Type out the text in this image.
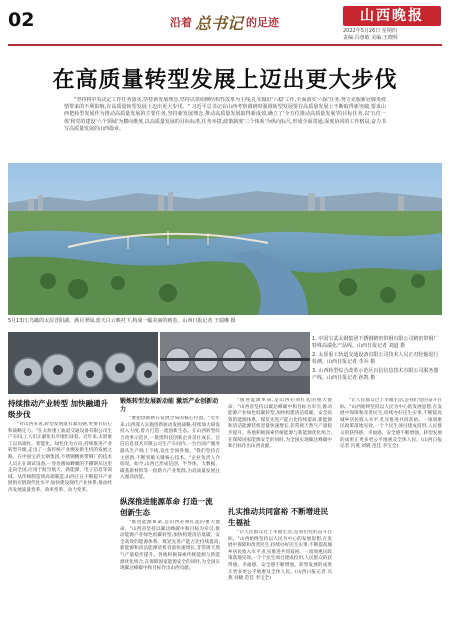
02	沿着 总书记 的足迹	山西晚报
2022年5月26日 星期四
责编:冯惠敏 美编:王晓辉
在高质量转型发展上迈出更大步伐
"坚持将中央决定工作任务落实,坚持新发展理念,坚持以供给侧结构性改革为主线,扎实做好'六稳'工作,全面落实'六保'任务,努力克服新冠肺炎疫情带来的不利影响,在高质量转型发展上迈出更大步伐。" 习近平总书记在山西考察调研时强调转型发展要在高质量发展上不断取得新突破,要求山西把转型发展作为推动高质量发展的主要任务,坚持新发展理念,推动高质量发展取得新成效,确立了'全方位推动高质量发展'的目标任务,以'五位一体'和党的建设'六个领域'为横向维度,以高质量发展的目标标准,任务举措,政策制度'三个体系'为纵向标尺,形成全面贯通,深度协同的工作格局,奋力书写高质量发展的山西篇章。
5月13日,鸟瞰的太原晋阳湖、满目翠绿,蓝天白云映衬下,构成一幅美丽的画卷。山西日报记者 王瑞琳 摄

1. 中国宝武太钢集团不锈钢精密带钢有限公司精密带钢厂特殊高端化产品线。山西日报记者 刘道 摄

2. 太原重工轨道交通设备有限公司技术人员正对轮轴进行检测。山西日报记者 李兵 摄

3. 山西转型综合改革示范区百信信息技术有限公司服务器产线。山西日报记者 孙凯 摄

持续推动产业转型 加快融通升级步伐
"对山西来说,转型发展既有紧迫感,更要有信心和战略定力。"在太原重工轨道交通设备有限公司生产车间,工人们正紧张有序地忙碌着。近年来,太原重工以高端化、智能化、绿色化为方向,持续推进产业转型升级,走出了一条传统产业焕发新生机的发展之路。在中国宝武太钢集团,不锈钢精密带钢厂的技术人员正在调试设备,一卷卷薄如蝉翼的手撕钢从这里走向全国,应用于航空航天、新能源、电子信息等领域。从传统制造到高端制造,山西正在不断提升产业链供应链现代化水平,加快建设现代产业体系,推动经济发展质量变革、效率变革、动力变革。
锻炼转型发展新动能 激活产业创新动力
"要把创新摆在发展全局的核心位置。"近年来,山西深入实施创新驱动发展战略,持续加大研发投入力度,着力打造一流创新生态。在山西转型综合改革示范区,一批批科技创新企业茁壮成长。百信信息技术有限公司生产车间内,一台台国产服务器从生产线上下线,发往全国各地。"我们坚持自主创新,不断突破关键核心技术。"企业负责人介绍说。如今,山西已形成信创、半导体、大数据、碳基新材料等一批新兴产业集群,为高质量发展注入强劲动能。
纵深推进能源革命 打造一流创新生态
"推进能源革命,是山西必须扛起的重大使命。"山西省坚持以碳达峰碳中和目标为牵引,推动能源产业绿色低碳转型,加快构建清洁低碳、安全高效的能源体系。煤炭先进产能占比持续提高,新能源和清洁能源装机容量快速增长,非常规天然气产量稳步提升。各地积极探索传统能源与新能源优化组合,在保障国家能源安全的同时,为全国实现碳达峰碳中和目标作出山西贡献。
"推进能源革命,是山西必须扛起的重大使命。"山西省坚持以碳达峰碳中和目标为牵引,推动能源产业绿色低碳转型,加快构建清洁低碳、安全高效的能源体系。煤炭先进产能占比持续提高,新能源和清洁能源装机容量快速增长,非常规天然气产量稳步提升。各地积极探索传统能源与新能源优化组合,在保障国家能源安全的同时,为全国实现碳达峰碳中和目标作出山西贡献。
扎实推动共同富裕 不断增进民生福祉
"让人民群众过上幸福生活,是我们党的奋斗目标。"山西始终坚持以人民为中心的发展思想,在发展中保障和改善民生,持续办好民生实事,不断提高城乡居民收入水平,扎实推进共同富裕。一项项惠民政策落地见效,一个个民生项目建成投用,人民群众的获得感、幸福感、安全感不断增强。转型发展的成果正更多更公平地惠及全体人民。(山西日报记者 冯燕 刘晓 范佳 李宝全)
"让人民群众过上幸福生活,是我们党的奋斗目标。"山西始终坚持以人民为中心的发展思想,在发展中保障和改善民生,持续办好民生实事,不断提高城乡居民收入水平,扎实推进共同富裕。一项项惠民政策落地见效,一个个民生项目建成投用,人民群众的获得感、幸福感、安全感不断增强。转型发展的成果正更多更公平地惠及全体人民。(山西日报记者 冯燕 刘晓 范佳 李宝全)
